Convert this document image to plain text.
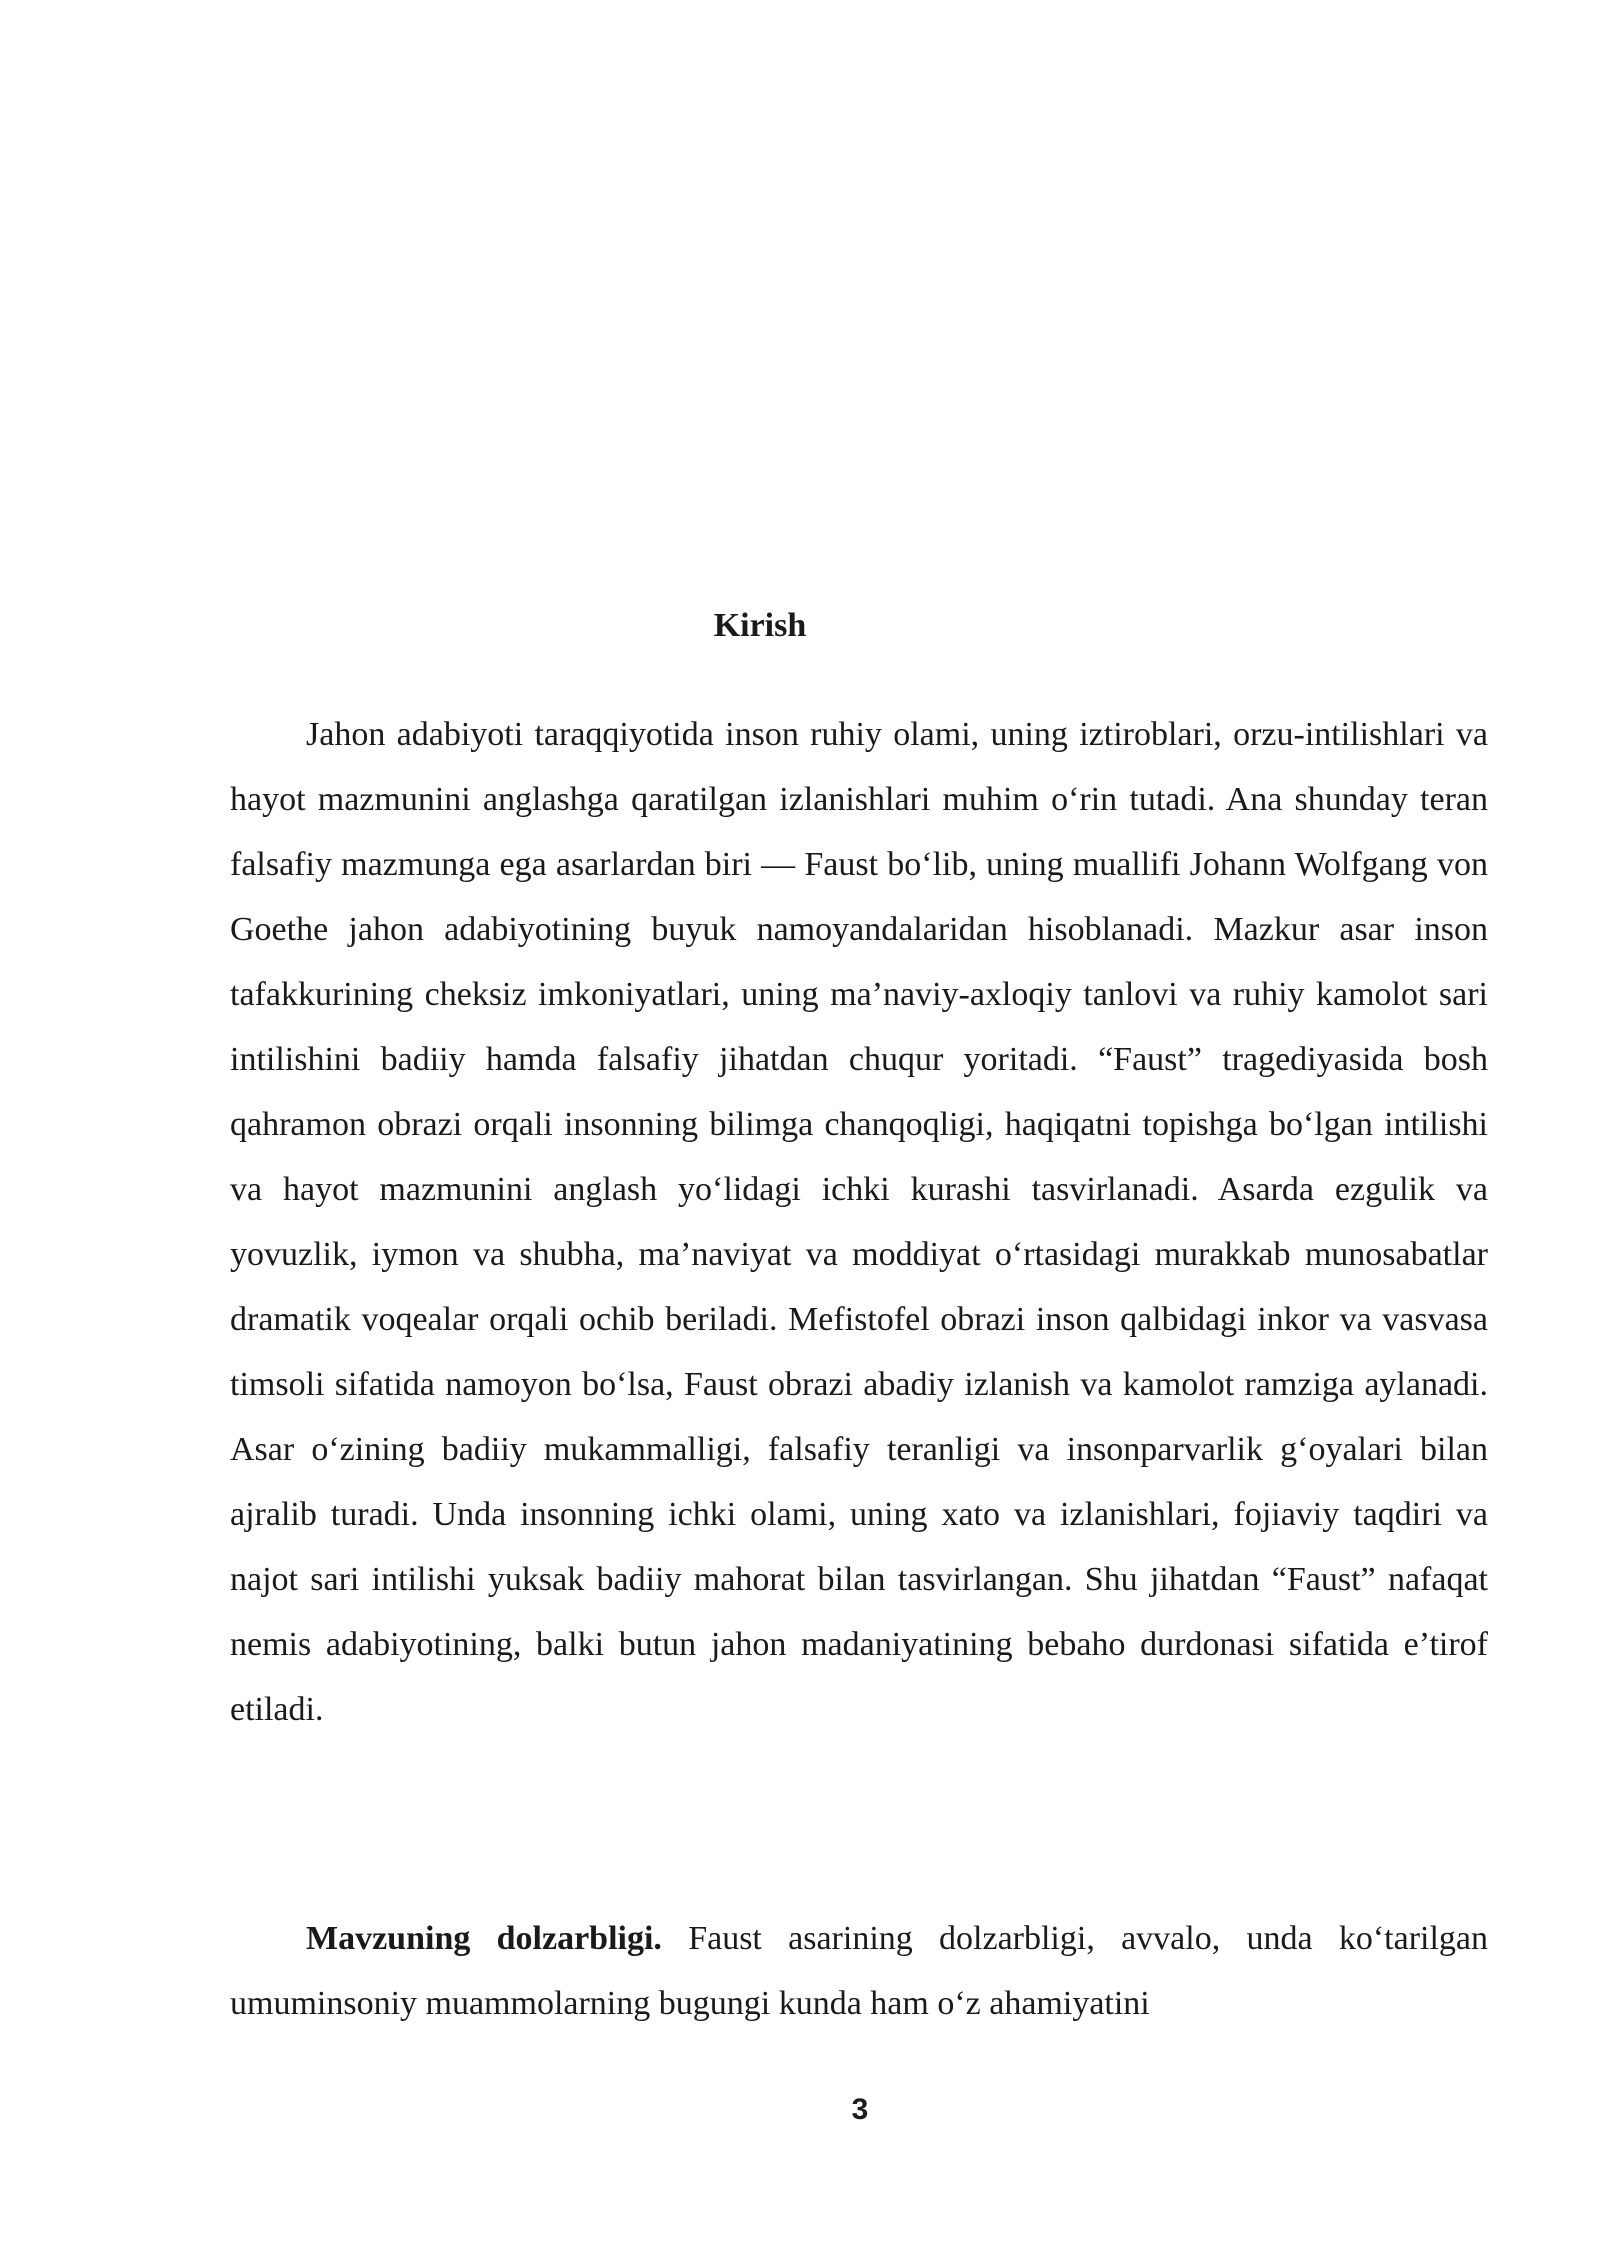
Kirish

Jahon adabiyoti taraqqiyotida inson ruhiy olami, uning iztiroblari, orzu-intilishlari va hayot mazmunini anglashga qaratilgan izlanishlari muhim o‘rin tutadi. Ana shunday teran falsafiy mazmunga ega asarlardan biri — Faust bo‘lib, uning muallifi Johann Wolfgang von Goethe jahon adabiyotining buyuk namoyandalaridan hisoblanadi. Mazkur asar inson tafakkurining cheksiz imkoniyatlari, uning ma’naviy-axloqiy tanlovi va ruhiy kamolot sari intilishini badiiy hamda falsafiy jihatdan chuqur yoritadi. “Faust” tragediyasida bosh qahramon obrazi orqali insonning bilimga chanqoqligi, haqiqatni topishga bo‘lgan intilishi va hayot mazmunini anglash yo‘lidagi ichki kurashi tasvirlanadi. Asarda ezgulik va yovuzlik, iymon va shubha, ma’naviyat va moddiyat o‘rtasidagi murakkab munosabatlar dramatik voqealar orqali ochib beriladi. Mefistofel obrazi inson qalbidagi inkor va vasvasa timsoli sifatida namoyon bo‘lsa, Faust obrazi abadiy izlanish va kamolot ramziga aylanadi. Asar o‘zining badiiy mukammalligi, falsafiy teranligi va insonparvarlik g‘oyalari bilan ajralib turadi. Unda insonning ichki olami, uning xato va izlanishlari, fojiaviy taqdiri va najot sari intilishi yuksak badiiy mahorat bilan tasvirlangan. Shu jihatdan “Faust” nafaqat nemis adabiyotining, balki butun jahon madaniyatining bebaho durdonasi sifatida e’tirof etiladi.

Mavzuning dolzarbligi. Faust asarining dolzarbligi, avvalo, unda ko‘tarilgan umuminsoniy muammolarning bugungi kunda ham o‘z ahamiyatini

3
